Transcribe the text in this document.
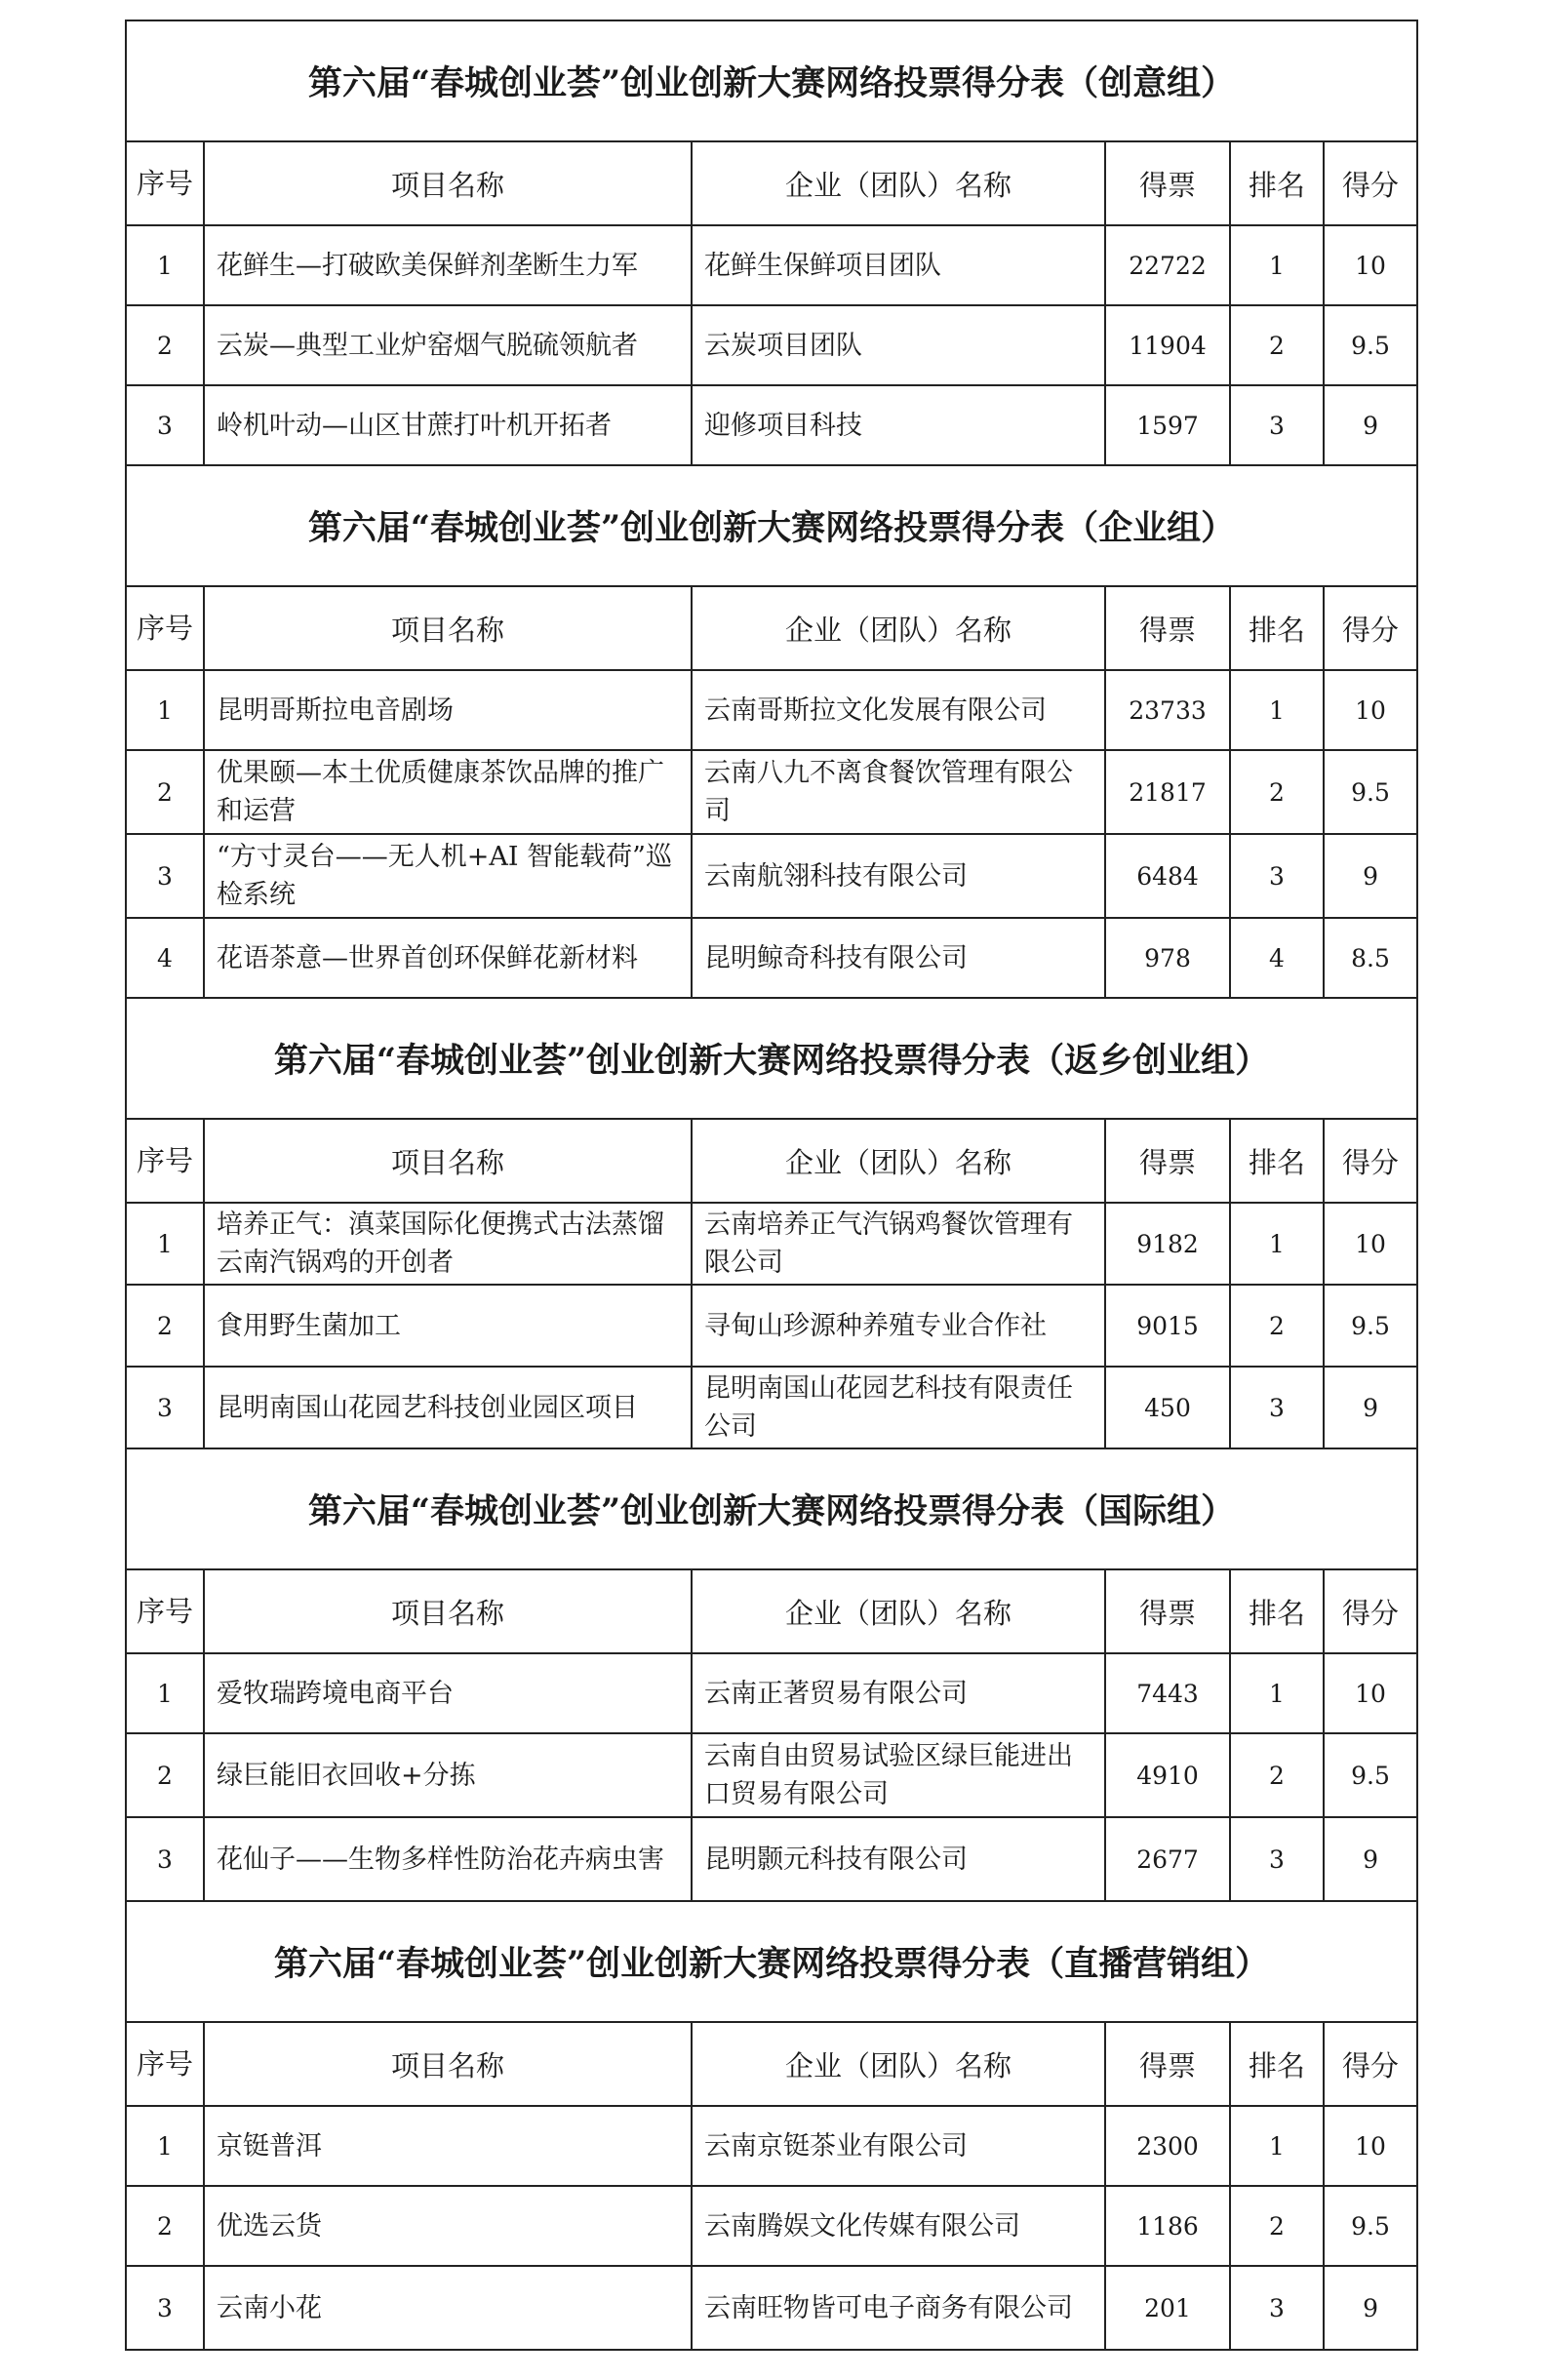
第六届“春城创业荟”创业创新大赛网络投票得分表（创意组）					
序号	项目名称	企业（团队）名称	得票	排名	得分
1	花鲜生—打破欧美保鲜剂垄断生力军	花鲜生保鲜项目团队	22722	1	10
2	云炭—典型工业炉窑烟气脱硫领航者	云炭项目团队	11904	2	9.5
3	岭机叶动—山区甘蔗打叶机开拓者	迎修项目科技	1597	3	9
第六届“春城创业荟”创业创新大赛网络投票得分表（企业组）					
序号	项目名称	企业（团队）名称	得票	排名	得分
1	昆明哥斯拉电音剧场	云南哥斯拉文化发展有限公司	23733	1	10
2	优果颐—本土优质健康茶饮品牌的推广和运营	云南八九不离食餐饮管理有限公司	21817	2	9.5
3	“方寸灵台——无人机+AI 智能载荷”巡检系统	云南航翎科技有限公司	6484	3	9
4	花语茶意—世界首创环保鲜花新材料	昆明鲸奇科技有限公司	978	4	8.5
第六届“春城创业荟”创业创新大赛网络投票得分表（返乡创业组）					
序号	项目名称	企业（团队）名称	得票	排名	得分
1	培养正气：滇菜国际化便携式古法蒸馏云南汽锅鸡的开创者	云南培养正气汽锅鸡餐饮管理有限公司	9182	1	10
2	食用野生菌加工	寻甸山珍源种养殖专业合作社	9015	2	9.5
3	昆明南国山花园艺科技创业园区项目	昆明南国山花园艺科技有限责任公司	450	3	9
第六届“春城创业荟”创业创新大赛网络投票得分表（国际组）					
序号	项目名称	企业（团队）名称	得票	排名	得分
1	爱牧瑞跨境电商平台	云南正著贸易有限公司	7443	1	10
2	绿巨能旧衣回收+分拣	云南自由贸易试验区绿巨能进出口贸易有限公司	4910	2	9.5
3	花仙子——生物多样性防治花卉病虫害	昆明颢元科技有限公司	2677	3	9
第六届“春城创业荟”创业创新大赛网络投票得分表（直播营销组）					
序号	项目名称	企业（团队）名称	得票	排名	得分
1	京铤普洱	云南京铤茶业有限公司	2300	1	10
2	优选云货	云南腾娱文化传媒有限公司	1186	2	9.5
3	云南小花	云南旺物皆可电子商务有限公司	201	3	9
